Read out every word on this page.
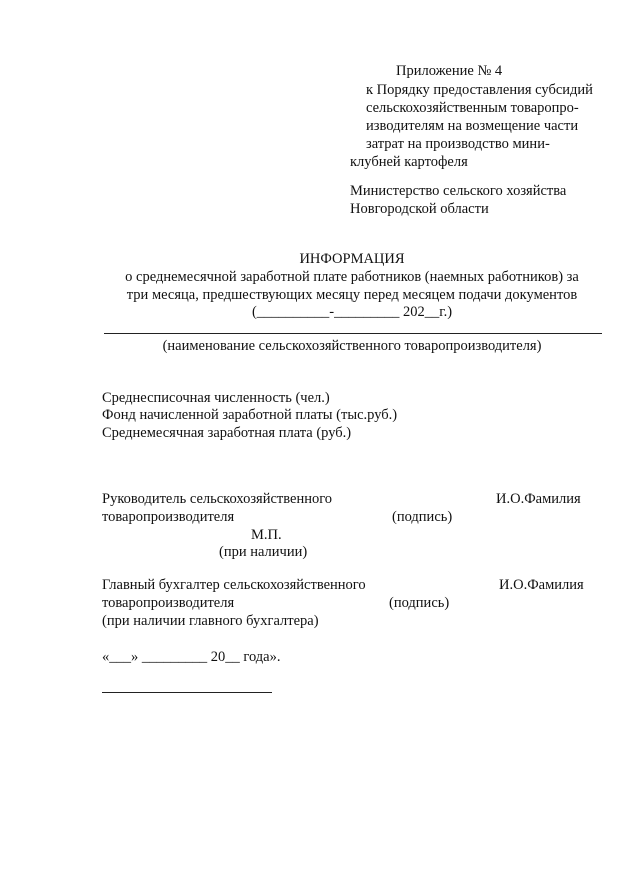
Приложение № 4
к Порядку предоставления субсидий
сельскохозяйственным товаропро-
изводителям на возмещение части
затрат на производство мини-
клубней картофеля
Министерство сельского хозяйства
Новгородской области
ИНФОРМАЦИЯ
о среднемесячной заработной плате работников (наемных работников) за
три месяца, предшествующих месяцу перед месяцем подачи документов
(__________-_________ 202__г.)
(наименование сельскохозяйственного товаропроизводителя)
Среднесписочная численность (чел.)
Фонд начисленной заработной платы (тыс.руб.)
Среднемесячная заработная плата (руб.)
Руководитель сельскохозяйственного	И.О.Фамилия
товаропроизводителя	(подпись)
М.П.
(при наличии)
Главный бухгалтер сельскохозяйственного	И.О.Фамилия
товаропроизводителя	(подпись)
(при наличии главного бухгалтера)
«___» _________ 20__ года».
